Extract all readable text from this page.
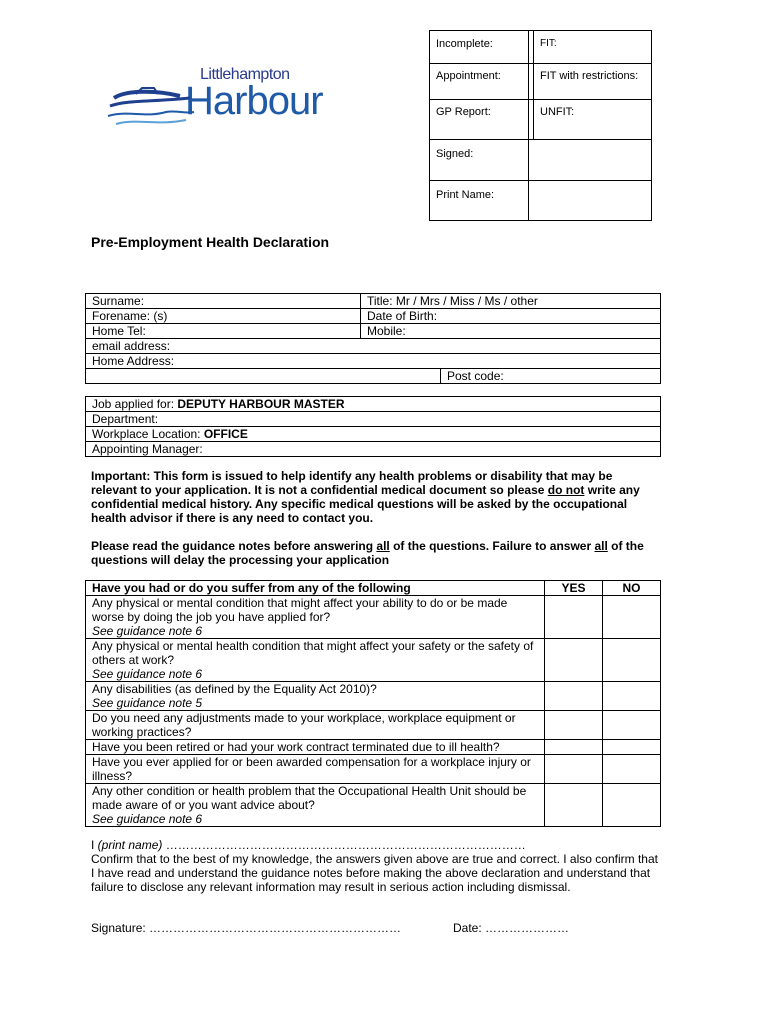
Littlehampton
Harbour
Incomplete:		FIT:
Appointment:		FIT with restrictions:
GP Report:		UNFIT:
Signed:		
Print Name:		
Pre-Employment Health Declaration
Surname:	Title: Mr / Mrs / Miss / Ms / other	
Forename: (s)	Date of Birth:	
Home Tel:	Mobile:	
email address:		
Home Address:		
		Post code:
Job applied for: DEPUTY HARBOUR MASTER
Department:
Workplace Location: OFFICE
Appointing Manager:
Important: This form is issued to help identify any health problems or disability that may be relevant to your application. It is not a confidential medical document so please do not write any confidential medical history. Any specific medical questions will be asked by the occupational health advisor if there is any need to contact you.
Please read the guidance notes before answering all of the questions. Failure to answer all of the questions will delay the processing your application
Have you had or do you suffer from any of the following	YES	NO

Any physical or mental condition that might affect your ability to do or be made worse by doing the job you have applied for?
See guidance note 6		

Any physical or mental health condition that might affect your safety or the safety of others at work?
See guidance note 6		

Any disabilities (as defined by the Equality Act 2010)?
See guidance note 5		

Do you need any adjustments made to your workplace, workplace equipment or working practices?		

Have you been retired or had your work contract terminated due to ill health?		

Have you ever applied for or been awarded compensation for a workplace injury or illness?		

Any other condition or health problem that the Occupational Health Unit should be made aware of or you want advice about?
See guidance note 6		

I (print name) ………………………………………………………………………………
Confirm that to the best of my knowledge, the answers given above are true and correct. I also confirm that I have read and understand the guidance notes before making the above declaration and understand that failure to disclose any relevant information may result in serious action including dismissal.
Signature: ………………………………………………………	Date: …………………
